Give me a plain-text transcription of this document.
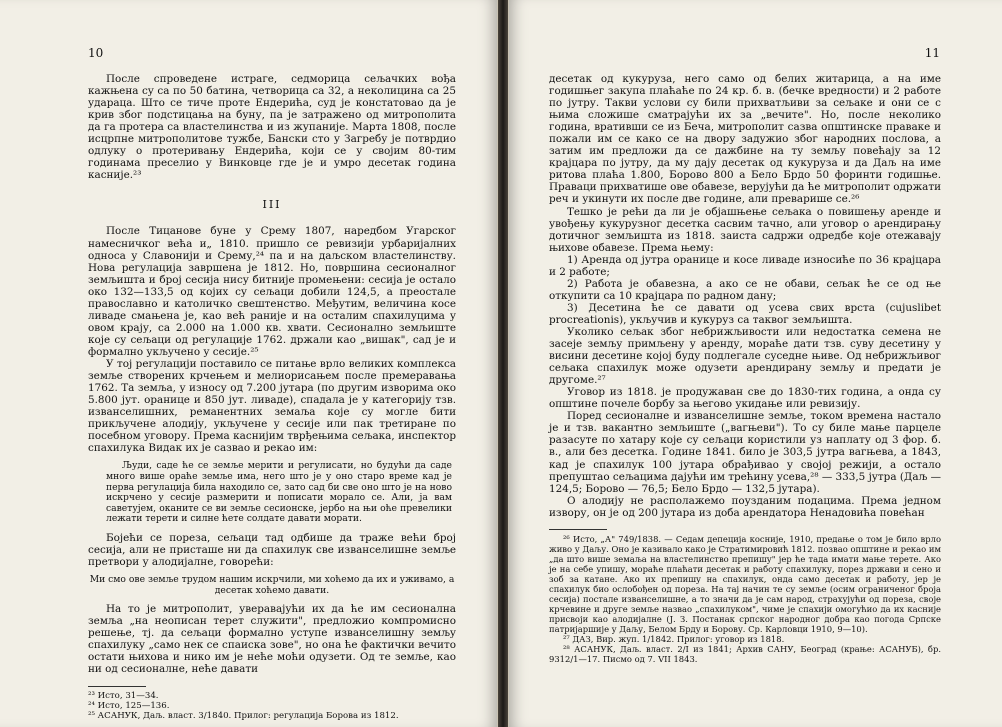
10

После спроведене истраге, седморица сељачких вођа кажњена су са по 50 батина, четворица са 32, а неколицина са 25 удараца. Што се тиче проте Ендерића, суд је констатовао да је крив због подстицања на буну, па је затражено од митрополита да га протера са властелинства и из жупаније. Марта 1808, после исцрпне митрополитове тужбе, Бански сто у Загребу је потврдио одлуку о протеривању Ендерића, који се у својим 80-тим годинама преселио у Винковце где је и умро десетак година касније.²³

III

После Тицанове буне у Срему 1807, наредбом Угарског намесничког већа и„ 1810. пришло се ревизији урбаријалних односа у Славонији и Срему,²⁴ па и на даљском властелинству. Нова регулација завршена је 1812. Но, површина сесионалног земљишта и број сесија нису битније промењени: сесија је остало око 132—133,5 од којих су сељаци добили 124,5, а преостале православно и католичко свештенство. Међутим, величина косе ливаде смањена је, као већ раније и на осталим спахилуцима у овом крају, са 2.000 на 1.000 кв. хвати. Сесионално земљиште које су сељаци од регулације 1762. држали као „вишак", сад је и формално укључено у сесије.²⁵

У тој регулацији поставило се питање врло великих комплекса земље створених крчењем и мелиорисањем после премеравања 1762. Та земља, у износу од 7.200 јутара (по другим изворима око 5.800 јут. оранице и 850 јут. ливаде), спадала је у категорију тзв. изванселишних, ремaнентних земаља које су могле бити прикључене алодију, укључене у сесије или пак третиране по посебном уговору. Према касниjим тврђењима сељака, инспектор спахилука Видак их је сазвао и рекао им:

Људи, саде ће се земље мерити и регулисати, но будући да саде много више ораће земље има, него што је у оно старо време кад је перва регулација била находило се, зато сад би све оно што је на ново искрчено у сесије размерити и пописати морало се. Али, ја вам саветујем, оканите се ви земље сесионске, јербо на њи оће превелики лежати терети и силне ћете солдате давати морати.

Бојећи се пореза, сељаци тад одбише да траже већи број сесија, али не присташе ни да спахилук све изванселишне земље претвори у алодијалне, говорећи:

Ми смо ове земље трудом нашим искрчили, ми хоћемо да их и уживамо, а десетак хоћемо давати.

На то је митрополит, уверавајући их да ће им сесионална земља „на неописан терет служити", предложио компромисно решење, тј. да сељаци формално уступе изванселишну земљу спахилуку „само нек се спаиска зове", но она ће фактички вечито остати њихова и нико им је неће моћи одузети. Од те земље, као ни од сесионалне, нећe давати

²³ Исто, 31—34.

²⁴ Исто, 125—136.

²⁵ АСАНУК, Даљ. власт. 3/1840. Прилог: регулација Борова из 1812.

11

десетак од кукуруза, него само од белих житарица, а на име годишњег закупа плаћаће по 24 кр. б. в. (бечке вредности) и 2 работе по јутру. Такви услови су били прихватљиви за сељаке и они се с њима сложише сматрајући их за „вечите". Но, после неколико година, вративши се из Беча, митрополит сазва општинске праваке и пожали им се како се на двору задужио због народних послова, а затим им предложи да се дажбине на ту земљу повећају за 12 крајцара по јутру, да му дају десетак од кукуруза и да Даљ на име ритова плаћа 1.800, Борово 800 а Бело Брдо 50 форинти годишње. Праваци прихватише ове обавезе, верујући да ће митрополит одржати реч и укинути их после две године, али преварише се.²⁶

Тешко је рећи да ли је објашњење сељака о повишењу аренде и увођењу кукурузног десетка сасвим тачно, али уговор о арендирању дотичног земљишта из 1818. заиста садржи одредбе које отежавају њихове обавезе. Према њему:

1) Аренда од јутра оранице и косе ливаде износиће по 36 крајцара и 2 работе;

2) Работа је обавезна, а ако се не обави, сељак ће се од ње откупити са 10 крајцара по радном дану;

3) Десетина ће се давати од усева свих врста (cujuslibet procreationis), укључив и кукуруз са таквог земљишта.

Уколико сељак због небрижљивости или недостатка семена не засеје земљу примљену у аренду, мораће дати тзв. суву десетину у висини десетине којој буду подлегале суседне њиве. Од небрижљивог сељака спахилук може одузети арендирану земљу и предати је другоме.²⁷

Уговор из 1818. је продужаван све до 1830-тих година, а онда су општине почеле борбу за његово укидање или ревизију.

Поред сесионалне и изванселишне земље, током времена настало је и тзв. вакантно земљиште („вагњеви"). То су биле мање парцеле разасуте по хатару које су сељаци користили уз наплату од 3 фор. б. в., али без десетка. Године 1841. било је 303,5 јутра вагњева, а 1843, кад је спахилук 100 јутара обрађивао у својој режији, а остало препуштао сељацима дајући им трећину усева,²⁸ — 333,5 јутра (Даљ — 124,5; Борово — 76,5; Бело Брдо — 132,5 јутара).

О алодију не располажемо поузданим подацима. Према једном извору, он је од 200 јутара из доба арендатора Ненадовића повећан

²⁶ Исто, „А" 749/1838. — Седам депеција косније, 1910, предање о том је било врло живо у Даљу. Оно је казивало како је Стратимировић 1812. позвао општине и рекао им „да што више земаља на властелинство препишу" јер ће тада имати мање терете. Ако је на себе упишу, мораће плаћати десетак и работу спахилуку, порез држави и сено и зоб за катане. Ако их препишу на спахилук, онда само десетак и работу, јер је спахилук био ослобођен од пореза. На тај начин те су земље (осим ограниченог броја сесија) постале изванселишне, а то значи да је сам народ, страхујући од пореза, своје крчевине и друге земље назвао „спахилуком", чиме је спахији омогућио да их касније присвоји као алодијалне (Ј. З. Постанак српског народног добра као погодa Српске патријаршије у Даљу, Белом Брду и Борову. Ср. Карловци 1910, 9—10).

²⁷ ДАЗ, Вир. жуп. 1/1842. Прилог: уговор из 1818.

²⁸ АСАНУК, Даљ. власт. 2/I из 1841; Архив САНУ, Београд (крање: АСАНУБ), бр. 9312/1—17. Писмо од 7. VII 1843.
